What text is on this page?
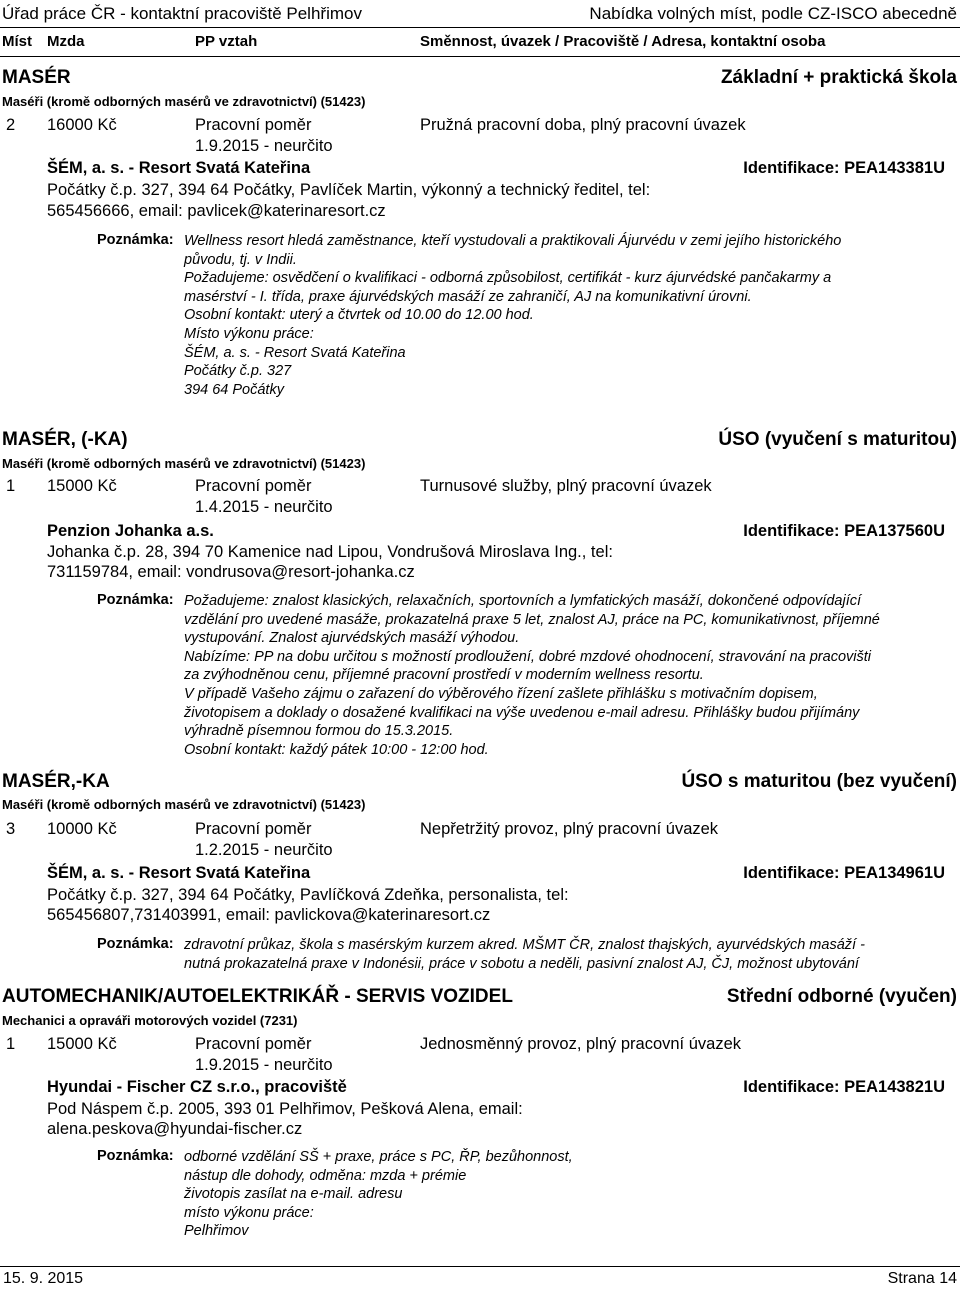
Úřad práce ČR - kontaktní pracoviště Pelhřimov	Nabídka volných míst, podle CZ-ISCO abecedně
Míst Mzda	PP vztah	Směnnost, úvazek / Pracoviště / Adresa, kontaktní osoba
MASÉR	Základní + praktická škola
Maséři (kromě odborných masérů ve zdravotnictví) (51423)
2 16000 Kč	Pracovní poměr	Pružná pracovní doba, plný pracovní úvazek
1.9.2015 - neurčito
ŠÉM, a. s. - Resort Svatá Kateřina	Identifikace: PEA143381U
Počátky č.p. 327, 394 64 Počátky, Pavlíček Martin, výkonný a technický ředitel, tel:
565456666, email: pavlicek@katerinaresort.cz
Poznámka: Wellness resort hledá zaměstnance, kteří vystudovali a praktikovali Ájurvédu v zemi jejího historického
původu, tj. v Indii.
Požadujeme: osvědčení o kvalifikaci - odborná způsobilost, certifikát - kurz ájurvédské pančakarmy a
masérství - I. třída, praxe ájurvédských masáží ze zahraničí, AJ na komunikativní úrovni.
Osobní kontakt: uterý a čtvrtek od 10.00 do 12.00 hod.
Místo výkonu práce:
ŠÉM, a. s. - Resort Svatá Kateřina
Počátky č.p. 327
394 64 Počátky
MASÉR, (-KA)	ÚSO (vyučení s maturitou)
Maséři (kromě odborných masérů ve zdravotnictví) (51423)
1 15000 Kč	Pracovní poměr	Turnusové služby, plný pracovní úvazek
1.4.2015 - neurčito
Penzion Johanka a.s.	Identifikace: PEA137560U
Johanka č.p. 28, 394 70 Kamenice nad Lipou, Vondrušová Miroslava Ing., tel:
731159784, email: vondrusova@resort-johanka.cz
Poznámka: Požadujeme: znalost klasických, relaxačních, sportovních a lymfatických masáží, dokončené odpovídající
vzdělání pro uvedené masáže, prokazatelná praxe 5 let, znalost AJ, práce na PC, komunikativnost, příjemné
vystupování. Znalost ajurvédských masáží výhodou.
Nabízíme: PP na dobu určitou s možností prodloužení, dobré mzdové ohodnocení, stravování na pracovišti
za zvýhodněnou cenu, příjemné pracovní prostředí v moderním wellness resortu.
V případě Vašeho zájmu o zařazení do výběrového řízení zašlete přihlášku s motivačním dopisem,
životopisem a doklady o dosažené kvalifikaci na výše uvedenou e-mail adresu. Přihlášky budou přijímány
výhradně písemnou formou do 15.3.2015.
Osobní kontakt: každý pátek 10:00 - 12:00 hod.
MASÉR,-KA	ÚSO s maturitou (bez vyučení)
Maséři (kromě odborných masérů ve zdravotnictví) (51423)
3 10000 Kč	Pracovní poměr	Nepřetržitý provoz, plný pracovní úvazek
1.2.2015 - neurčito
ŠÉM, a. s. - Resort Svatá Kateřina	Identifikace: PEA134961U
Počátky č.p. 327, 394 64 Počátky, Pavlíčková Zdeňka, personalista, tel:
565456807,731403991, email: pavlickova@katerinaresort.cz
Poznámka: zdravotní průkaz, škola s masérským kurzem akred. MŠMT ČR, znalost thajských, ayurvédských masáží -
nutná prokazatelná praxe v Indonésii, práce v sobotu a neděli, pasivní znalost AJ, ČJ, možnost ubytování
AUTOMECHANIK/AUTOELEKTRIKÁŘ - SERVIS VOZIDEL	Střední odborné (vyučen)
Mechanici a opraváři motorových vozidel (7231)
1 15000 Kč	Pracovní poměr	Jednosměnný provoz, plný pracovní úvazek
1.9.2015 - neurčito
Hyundai - Fischer CZ s.r.o., pracoviště	Identifikace: PEA143821U
Pod Náspem č.p. 2005, 393 01 Pelhřimov, Pešková Alena, email:
alena.peskova@hyundai-fischer.cz
Poznámka: odborné vzdělání SŠ + praxe, práce s PC, ŘP, bezůhonnost,
nástup dle dohody, odměna: mzda + prémie
životopis zasílat na e-mail. adresu
místo výkonu práce:
Pelhřimov
15. 9. 2015	Strana 14
